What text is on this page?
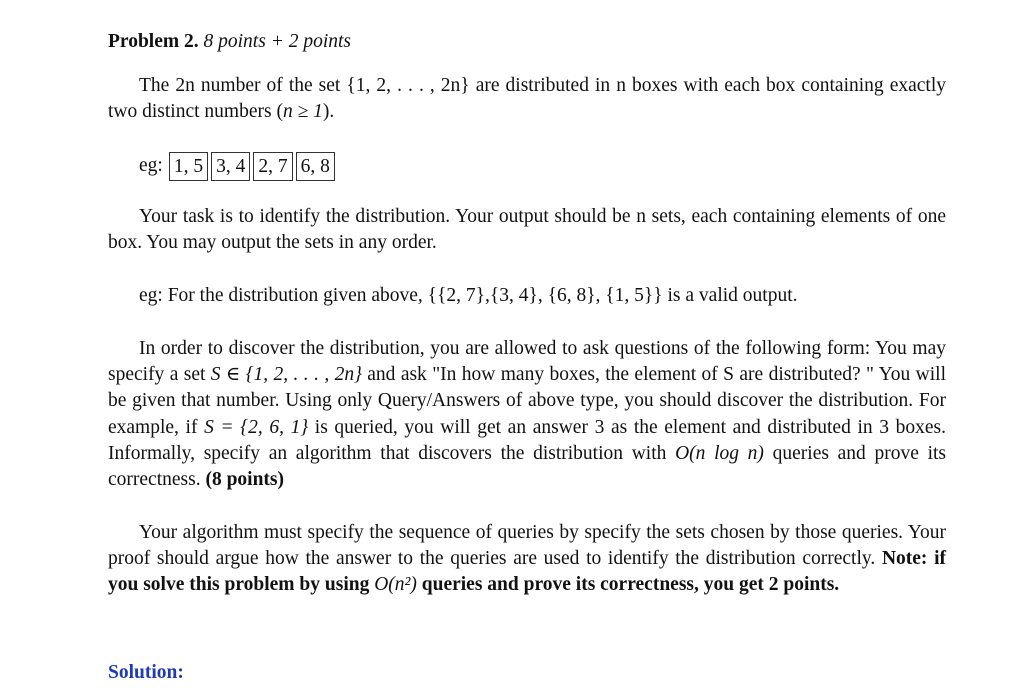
Problem 2. 8 points + 2 points
The 2n number of the set {1, 2, . . . , 2n} are distributed in n boxes with each box containing exactly two distinct numbers (n ≥ 1).
eg: 1, 5 3, 4 2, 7 6, 8
Your task is to identify the distribution. Your output should be n sets, each containing elements of one box. You may output the sets in any order.
eg: For the distribution given above, {{2, 7},{3, 4}, {6, 8}, {1, 5}} is a valid output.
In order to discover the distribution, you are allowed to ask questions of the following form: You may specify a set S ∈ {1, 2, . . . , 2n} and ask "In how many boxes, the element of S are distributed? " You will be given that number. Using only Query/Answers of above type, you should discover the distribution. For example, if S = {2, 6, 1} is queried, you will get an answer 3 as the element and distributed in 3 boxes. Informally, specify an algorithm that discovers the distribution with O(n log n) queries and prove its correctness. (8 points)
Your algorithm must specify the sequence of queries by specify the sets chosen by those queries. Your proof should argue how the answer to the queries are used to identify the distribution correctly. Note: if you solve this problem by using O(n²) queries and prove its correctness, you get 2 points.
Solution:
